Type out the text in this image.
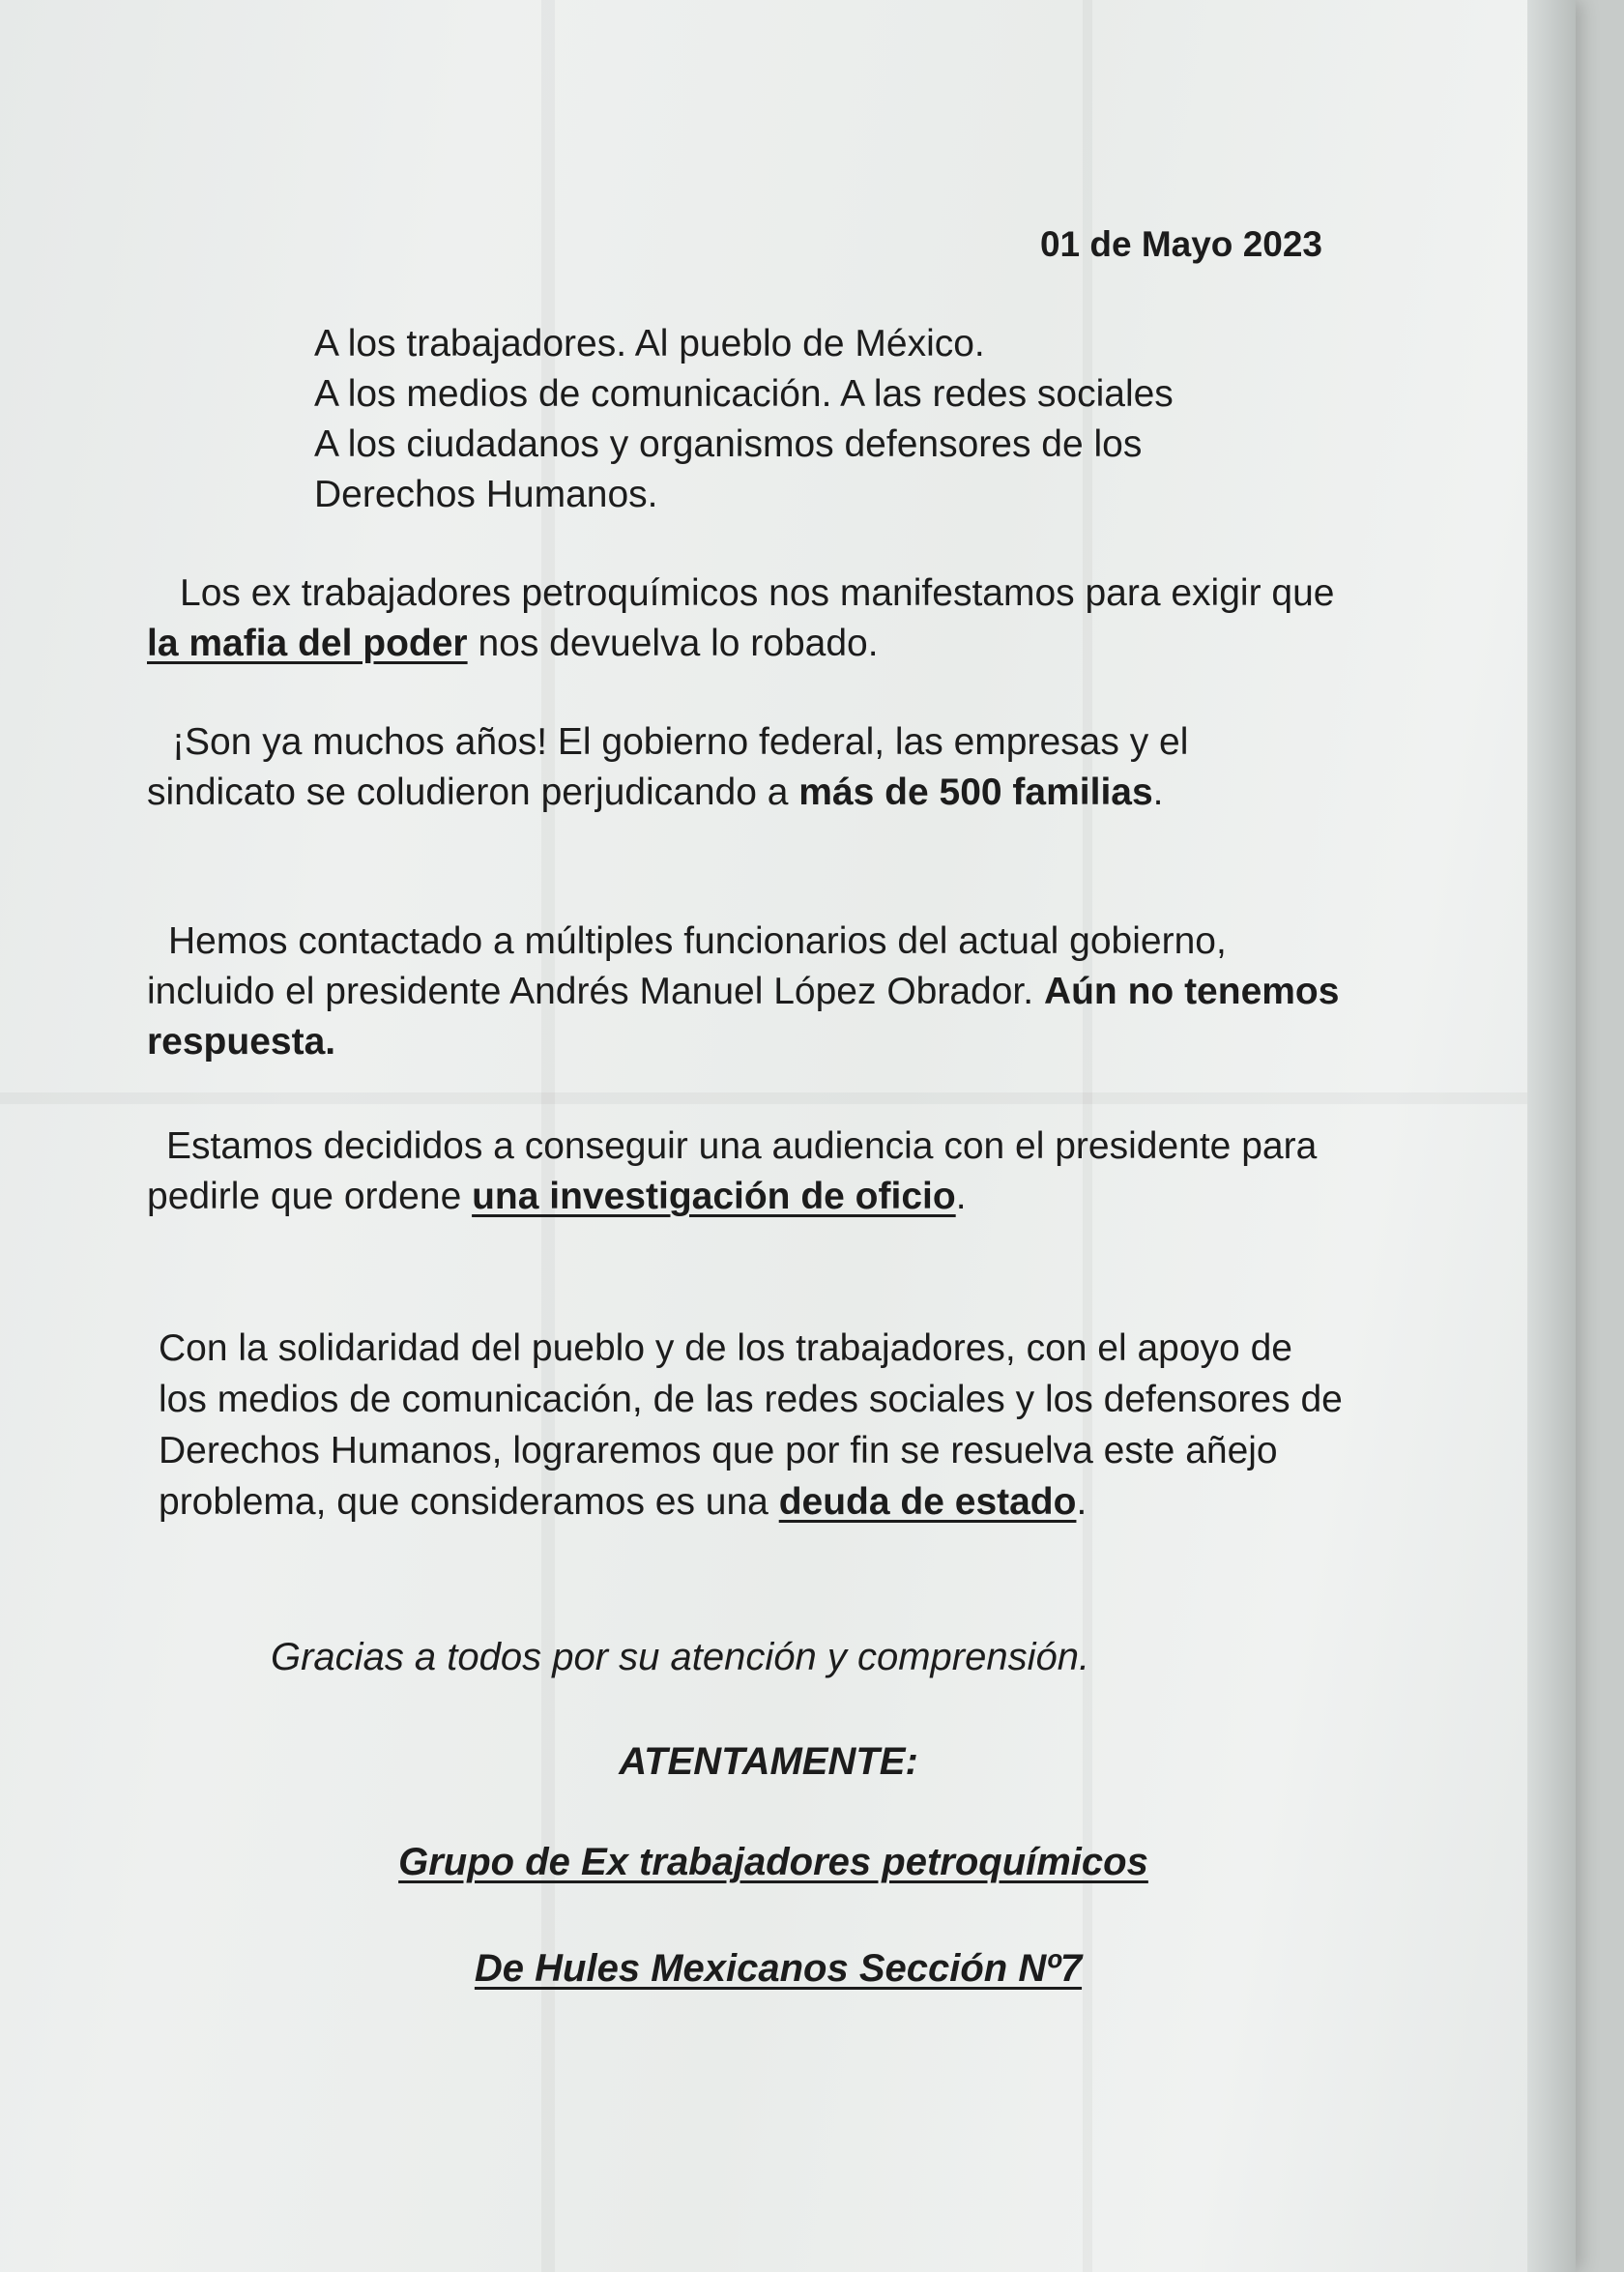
01 de Mayo 2023
A los trabajadores. Al pueblo de México.
A los medios de comunicación. A las redes sociales
A los ciudadanos y organismos defensores de los
Derechos Humanos.
Los ex trabajadores petroquímicos nos manifestamos para exigir que la mafia del poder nos devuelva lo robado.
¡Son ya muchos años! El gobierno federal, las empresas y el sindicato se coludieron perjudicando a más de 500 familias.
Hemos contactado a múltiples funcionarios del actual gobierno, incluido el presidente Andrés Manuel López Obrador. Aún no tenemos respuesta.
Estamos decididos a conseguir una audiencia con el presidente para pedirle que ordene una investigación de oficio.
Con la solidaridad del pueblo y de los trabajadores, con el apoyo de los medios de comunicación, de las redes sociales y los defensores de Derechos Humanos, lograremos que por fin se resuelva este añejo problema, que consideramos es una deuda de estado.
Gracias a todos por su atención y comprensión.
ATENTAMENTE:
Grupo de Ex trabajadores petroquímicos
De Hules Mexicanos Sección Nº7
